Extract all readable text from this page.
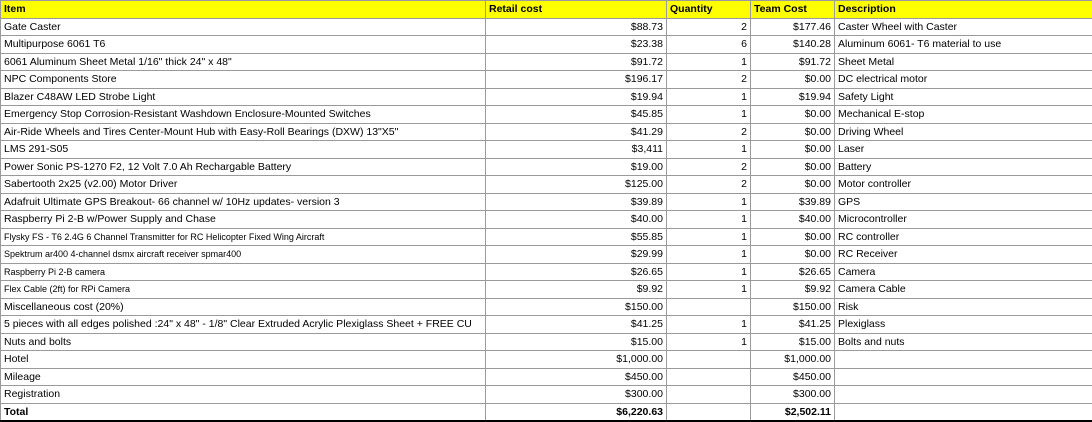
Item	Retail cost	Quantity	Team Cost	Description
Gate Caster	$88.73	2	$177.46	Caster Wheel with Caster
Multipurpose 6061 T6	$23.38	6	$140.28	Aluminum 6061- T6 material to use
6061 Aluminum Sheet Metal 1/16" thick 24" x 48"	$91.72	1	$91.72	Sheet Metal
NPC Components Store	$196.17	2	$0.00	DC electrical motor
Blazer C48AW LED Strobe Light	$19.94	1	$19.94	Safety Light
Emergency Stop Corrosion-Resistant Washdown Enclosure-Mounted Switches	$45.85	1	$0.00	Mechanical E-stop
Air-Ride Wheels and Tires Center-Mount Hub with Easy-Roll Bearings (DXW) 13"X5"	$41.29	2	$0.00	Driving Wheel
LMS 291-S05	$3,411	1	$0.00	Laser
Power Sonic PS-1270 F2, 12 Volt 7.0 Ah Rechargable Battery	$19.00	2	$0.00	Battery
Sabertooth 2x25 (v2.00) Motor Driver	$125.00	2	$0.00	Motor controller
Adafruit Ultimate GPS Breakout- 66 channel w/ 10Hz updates- version 3	$39.89	1	$39.89	GPS
Raspberry Pi 2-B w/Power Supply and Chase	$40.00	1	$40.00	Microcontroller
Flysky FS - T6 2.4G 6 Channel Transmitter for RC Helicopter Fixed Wing Aircraft	$55.85	1	$0.00	RC controller
Spektrum ar400 4-channel dsmx aircraft receiver spmar400	$29.99	1	$0.00	RC Receiver
Raspberry Pi 2-B camera	$26.65	1	$26.65	Camera
Flex Cable (2ft) for RPi Camera	$9.92	1	$9.92	Camera Cable
Miscellaneous cost (20%)	$150.00		$150.00	Risk
5 pieces with all edges polished :24" x 48" - 1/8" Clear Extruded Acrylic Plexiglass Sheet + FREE CU	$41.25	1	$41.25	Plexiglass
Nuts and bolts	$15.00	1	$15.00	Bolts and nuts
Hotel	$1,000.00		$1,000.00	
Mileage	$450.00		$450.00	
Registration	$300.00		$300.00	
Total	$6,220.63		$2,502.11	
